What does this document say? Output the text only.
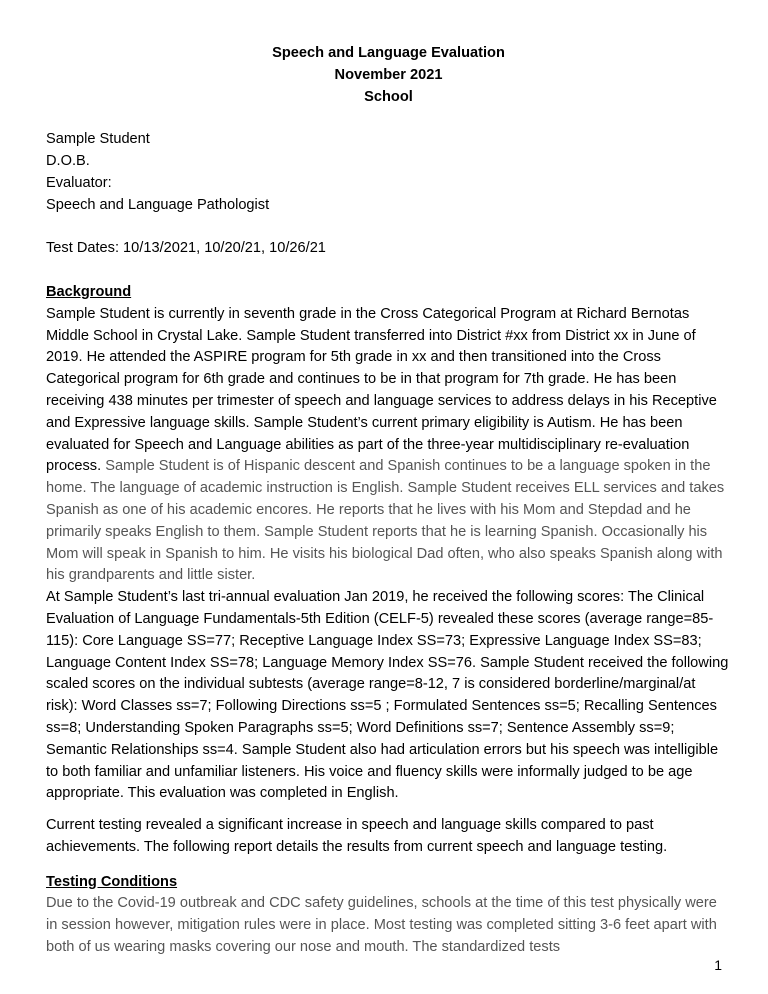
Speech and Language Evaluation
November 2021
School
Sample Student
D.O.B.
Evaluator:
Speech and Language Pathologist
Test Dates: 10/13/2021, 10/20/21, 10/26/21
Background

Sample Student is currently in seventh grade in the Cross Categorical Program at Richard Bernotas Middle School in Crystal Lake. Sample Student transferred into District #xx from District xx in June of 2019. He attended the ASPIRE program for 5th grade in xx and then transitioned into the Cross Categorical program for 6th grade and continues to be in that program for 7th grade. He has been receiving 438 minutes per trimester of speech and language services to address delays in his Receptive and Expressive language skills. Sample Student’s current primary eligibility is Autism. He has been evaluated for Speech and Language abilities as part of the three-year multidisciplinary re-evaluation process. Sample Student is of Hispanic descent and Spanish continues to be a language spoken in the home. The language of academic instruction is English. Sample Student receives ELL services and takes Spanish as one of his academic encores. He reports that he lives with his Mom and Stepdad and he primarily speaks English to them. Sample Student reports that he is learning Spanish. Occasionally his Mom will speak in Spanish to him. He visits his biological Dad often, who also speaks Spanish along with his grandparents and little sister.

At Sample Student’s last tri-annual evaluation Jan 2019, he received the following scores: The Clinical Evaluation of Language Fundamentals-5th Edition (CELF-5) revealed these scores (average range=85-115): Core Language SS=77; Receptive Language Index SS=73; Expressive Language Index SS=83; Language Content Index SS=78; Language Memory Index SS=76. Sample Student received the following scaled scores on the individual subtests (average range=8-12, 7 is considered borderline/marginal/at risk): Word Classes ss=7; Following Directions ss=5 ; Formulated Sentences ss=5; Recalling Sentences ss=8; Understanding Spoken Paragraphs ss=5; Word Definitions ss=7; Sentence Assembly ss=9; Semantic Relationships ss=4. Sample Student also had articulation errors but his speech was intelligible to both familiar and unfamiliar listeners. His voice and fluency skills were informally judged to be age appropriate. This evaluation was completed in English.

Current testing revealed a significant increase in speech and language skills compared to past achievements. The following report details the results from current speech and language testing.

Testing Conditions

Due to the Covid-19 outbreak and CDC safety guidelines, schools at the time of this test physically were in session however, mitigation rules were in place. Most testing was completed sitting 3-6 feet apart with both of us wearing masks covering our nose and mouth. The standardized tests

1
